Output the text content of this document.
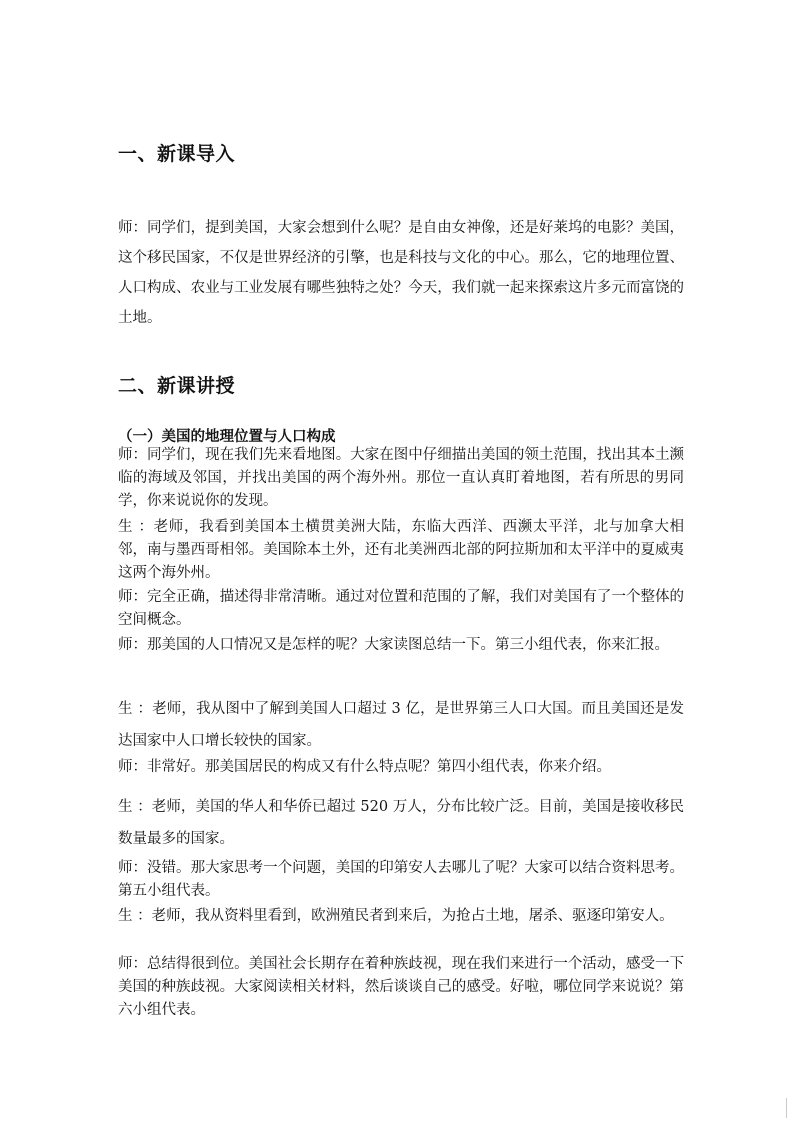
一、新课导入
师：同学们，提到美国，大家会想到什么呢？是自由女神像，还是好莱坞的电影？美国，这个移民国家，不仅是世界经济的引擎，也是科技与文化的中心。那么，它的地理位置、人口构成、农业与工业发展有哪些独特之处？今天，我们就一起来探索这片多元而富饶的土地。
二、新课讲授
（一）美国的地理位置与人口构成

师：同学们，现在我们先来看地图。大家在图中仔细描出美国的领土范围，找出其本土濒临的海域及邻国，并找出美国的两个海外州。那位一直认真盯着地图，若有所思的男同学，你来说说你的发现。

生 ：老师，我看到美国本土横贯美洲大陆，东临大西洋、西濒太平洋，北与加拿大相邻，南与墨西哥相邻。美国除本土外，还有北美洲西北部的阿拉斯加和太平洋中的夏威夷这两个海外州。

师：完全正确，描述得非常清晰。通过对位置和范围的了解，我们对美国有了一个整体的空间概念。

师：那美国的人口情况又是怎样的呢？大家读图总结一下。第三小组代表，你来汇报。

生 ：老师，我从图中了解到美国人口超过 3 亿，是世界第三人口大国。而且美国还是发达国家中人口增长较快的国家。

师：非常好。那美国居民的构成又有什么特点呢？第四小组代表，你来介绍。

生 ：老师，美国的华人和华侨已超过 520 万人，分布比较广泛。目前，美国是接收移民数量最多的国家。

师：没错。那大家思考一个问题，美国的印第安人去哪儿了呢？大家可以结合资料思考。第五小组代表。

生 ：老师，我从资料里看到，欧洲殖民者到来后，为抢占土地，屠杀、驱逐印第安人。

师：总结得很到位。美国社会长期存在着种族歧视，现在我们来进行一个活动，感受一下美国的种族歧视。大家阅读相关材料，然后谈谈自己的感受。好啦，哪位同学来说说？第六小组代表。
